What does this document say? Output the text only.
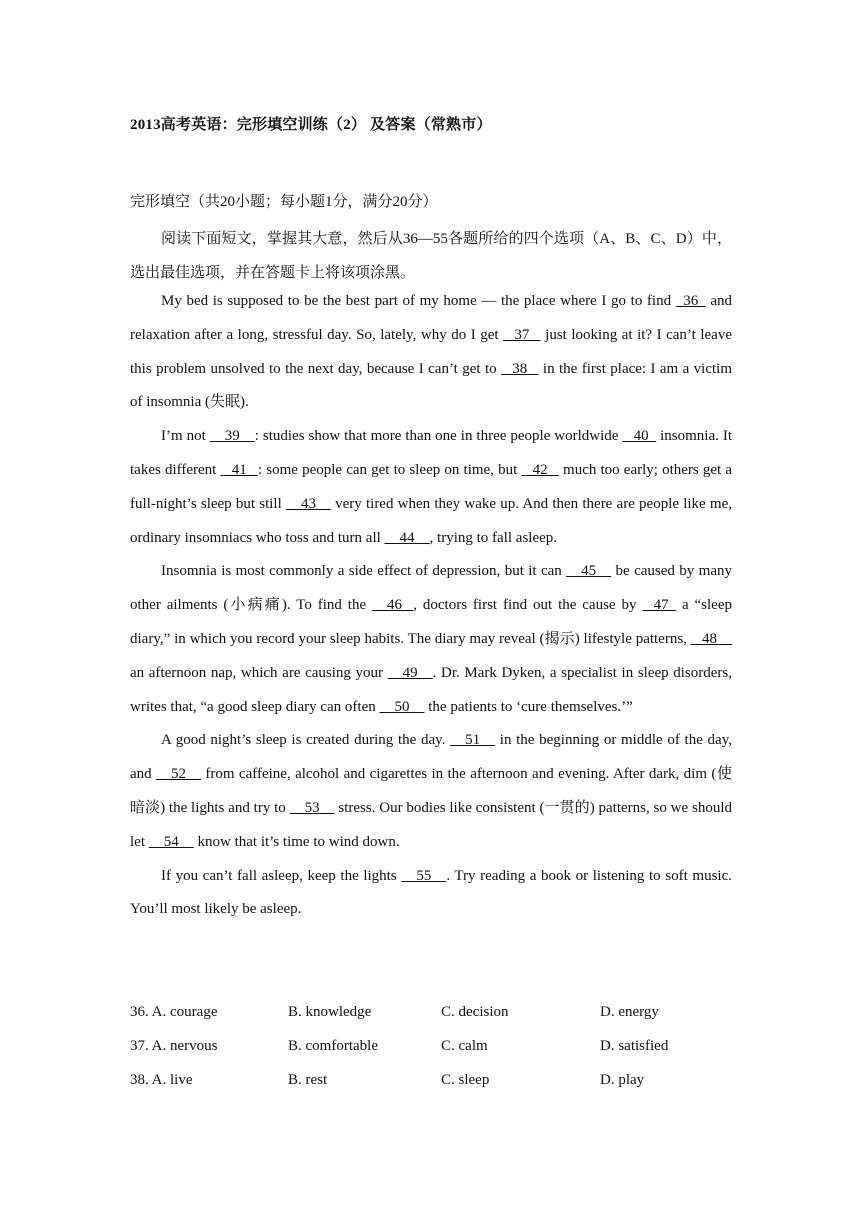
2013高考英语：完形填空训练（2） 及答案（常熟市）
完形填空（共20小题；每小题1分，满分20分）
阅读下面短文，掌握其大意，然后从36—55各题所给的四个选项（A、B、C、D）中，选出最佳选项，并在答题卡上将该项涂黑。

My bed is supposed to be the best part of my home — the place where I go to find   36   and relaxation after a long, stressful day. So, lately, why do I get    37    just looking at it? I can’t leave this problem unsolved to the next day, because I can’t get to    38    in the first place: I am a victim of insomnia (失眠).

I’m not     39    : studies show that more than one in three people worldwide    40   insomnia. It takes different    41   : some people can get to sleep on time, but    42    much too early; others get a full-night’s sleep but still     43     very tired when they wake up. And then there are people like me, ordinary insomniacs who toss and turn all     44    , trying to fall asleep.

Insomnia is most commonly a side effect of depression, but it can     45     be caused by many other ailments (小病痛). To find the     46   , doctors first find out the cause by    47   a “sleep diary,” in which you record your sleep habits. The diary may reveal (揭示) lifestyle patterns,    48     an afternoon nap, which are causing your     49    . Dr. Mark Dyken, a specialist in sleep disorders, writes that, “a good sleep diary can often     50     the patients to ‘cure themselves.’”

A good night’s sleep is created during the day.     51     in the beginning or middle of the day, and     52     from caffeine, alcohol and cigarettes in the afternoon and evening. After dark, dim (使暗淡) the lights and try to     53     stress. Our bodies like consistent (一贯的) patterns, so we should let     54     know that it’s time to wind down.

If you can’t fall asleep, keep the lights     55    . Try reading a book or listening to soft music. You’ll most likely be asleep.

36. A. courage	B. knowledge	C. decision	D. energy
37. A. nervous	B. comfortable	C. calm	D. satisfied
38. A. live	B. rest	C. sleep	D. play
